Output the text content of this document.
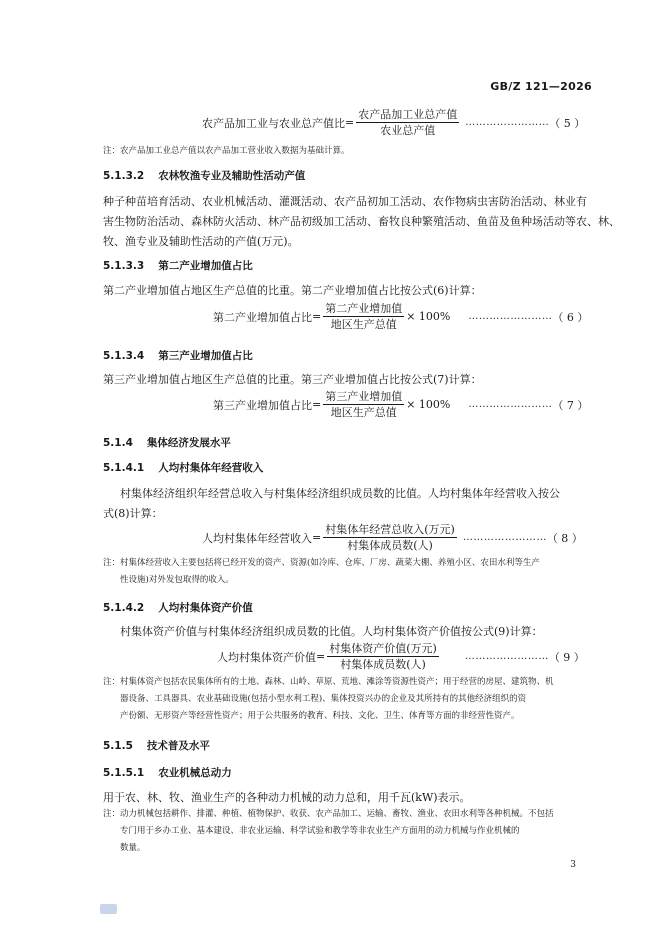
GB/Z 121—2026
农产品加工业与农业总产值比 = $\frac{\text{农产品加工业总产值}}{\text{农业总产值}}$ …………………… （ 5 ）
注：农产品加工业总产值以农产品加工营业收入数据为基础计算。
5.1.3.2 农林牧渔专业及辅助性活动产值
种子种苗培育活动、农业机械活动、灌溉活动、农产品初加工活动、农作物病虫害防治活动、林业有
害生物防治活动、森林防火活动、林产品初级加工活动、畜牧良种繁殖活动、鱼苗及鱼种场活动等农、林、
牧、渔专业及辅助性活动的产值(万元)。
5.1.3.3 第二产业增加值占比
第二产业增加值占地区生产总值的比重。第二产业增加值占比按公式(6)计算：
第二产业增加值占比 = $\frac{\text{第二产业增加值}}{\text{地区生产总值}} \times 100\%$ …………………… （ 6 ）
5.1.3.4 第三产业增加值占比
第三产业增加值占地区生产总值的比重。第三产业增加值占比按公式(7)计算：
第三产业增加值占比 = $\frac{\text{第三产业增加值}}{\text{地区生产总值}} \times 100\%$ …………………… （ 7 ）
5.1.4 集体经济发展水平
5.1.4.1 人均村集体年经营收入
村集体经济组织年经营总收入与村集体经济组织成员数的比值。人均村集体年经营收入按公
式(8)计算：
人均村集体年经营收入 = $\frac{\text{村集体年经营总收入(万元)}}{\text{村集体成员数(人)}}$ …………………… （ 8 ）
注：村集体经营收入主要包括将已经开发的资产、资源(如冷库、仓库、厂房、蔬菜大棚、养殖小区、农田水利等生产
性设施)对外发包取得的收入。
5.1.4.2 人均村集体资产价值
村集体资产价值与村集体经济组织成员数的比值。人均村集体资产价值按公式(9)计算：
人均村集体资产价值 = $\frac{\text{村集体资产价值(万元)}}{\text{村集体成员数(人)}}$	…………………… （ 9 ）
注：村集体资产包括农民集体所有的土地、森林、山岭、草原、荒地、滩涂等资源性资产；用于经营的房屋、建筑物、机
器设备、工具器具、农业基础设施(包括小型水利工程)、集体投资兴办的企业及其所持有的其他经济组织的资
产份额、无形资产等经营性资产；用于公共服务的教育、科技、文化、卫生、体育等方面的非经营性资产。
5.1.5 技术普及水平
5.1.5.1 农业机械总动力
用于农、林、牧、渔业生产的各种动力机械的动力总和，用千瓦(kW)表示。
注：动力机械包括耕作、排灌、种植、植物保护、收获、农产品加工、运输、畜牧、渔业、农田水利等各种机械。不包括
专门用于乡办工业、基本建设、非农业运输、科学试验和教学等非农业生产方面用的动力机械与作业机械的
数量。
3
